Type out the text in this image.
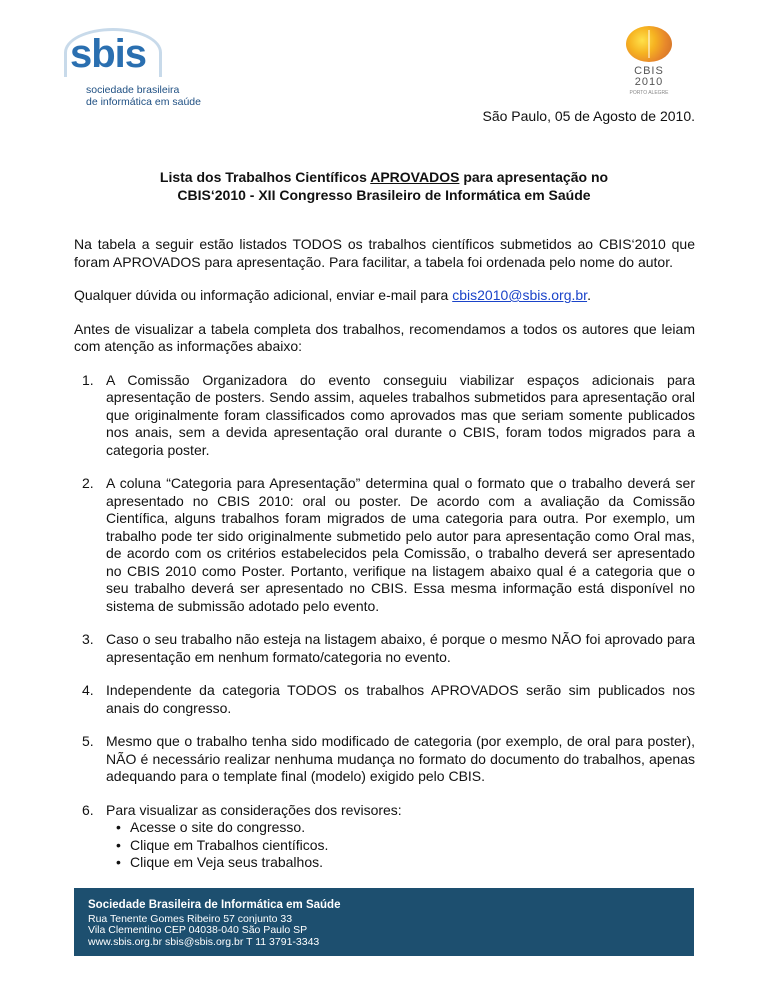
sbis
sociedade brasileira
de informática em saúde
CBIS
2010
PORTO ALEGRE
São Paulo, 05 de Agosto de 2010.
Lista dos Trabalhos Científicos APROVADOS para apresentação no
CBIS‘2010 - XII Congresso Brasileiro de Informática em Saúde

Na tabela a seguir estão listados TODOS os trabalhos científicos submetidos ao CBIS‘2010 que foram APROVADOS para apresentação. Para facilitar, a tabela foi ordenada pelo nome do autor.

Qualquer dúvida ou informação adicional, enviar e-mail para cbis2010@sbis.org.br.

Antes de visualizar a tabela completa dos trabalhos, recomendamos a todos os autores que leiam com atenção as informações abaixo:

1. A Comissão Organizadora do evento conseguiu viabilizar espaços adicionais para apresentação de posters. Sendo assim, aqueles trabalhos submetidos para apresentação oral que originalmente foram classificados como aprovados mas que seriam somente publicados nos anais, sem a devida apresentação oral durante o CBIS, foram todos migrados para a categoria poster.
2. A coluna “Categoria para Apresentação” determina qual o formato que o trabalho deverá ser apresentado no CBIS 2010: oral ou poster. De acordo com a avaliação da Comissão Científica, alguns trabalhos foram migrados de uma categoria para outra. Por exemplo, um trabalho pode ter sido originalmente submetido pelo autor para apresentação como Oral mas, de acordo com os critérios estabelecidos pela Comissão, o trabalho deverá ser apresentado no CBIS 2010 como Poster. Portanto, verifique na listagem abaixo qual é a categoria que o seu trabalho deverá ser apresentado no CBIS. Essa mesma informação está disponível no sistema de submissão adotado pelo evento.
3. Caso o seu trabalho não esteja na listagem abaixo, é porque o mesmo NÃO foi aprovado para apresentação em nenhum formato/categoria no evento.
4. Independente da categoria TODOS os trabalhos APROVADOS serão sim publicados nos anais do congresso.
5. Mesmo que o trabalho tenha sido modificado de categoria (por exemplo, de oral para poster), NÃO é necessário realizar nenhuma mudança no formato do documento do trabalhos, apenas adequando para o template final (modelo) exigido pelo CBIS.
6. Para visualizar as considerações dos revisores:
• Acesse o site do congresso.
• Clique em Trabalhos científicos.
• Clique em Veja seus trabalhos.
Sociedade Brasileira de Informática em Saúde
Rua Tenente Gomes Ribeiro 57 conjunto 33
Vila Clementino CEP 04038-040 São Paulo SP
www.sbis.org.br sbis@sbis.org.br T 11 3791-3343
